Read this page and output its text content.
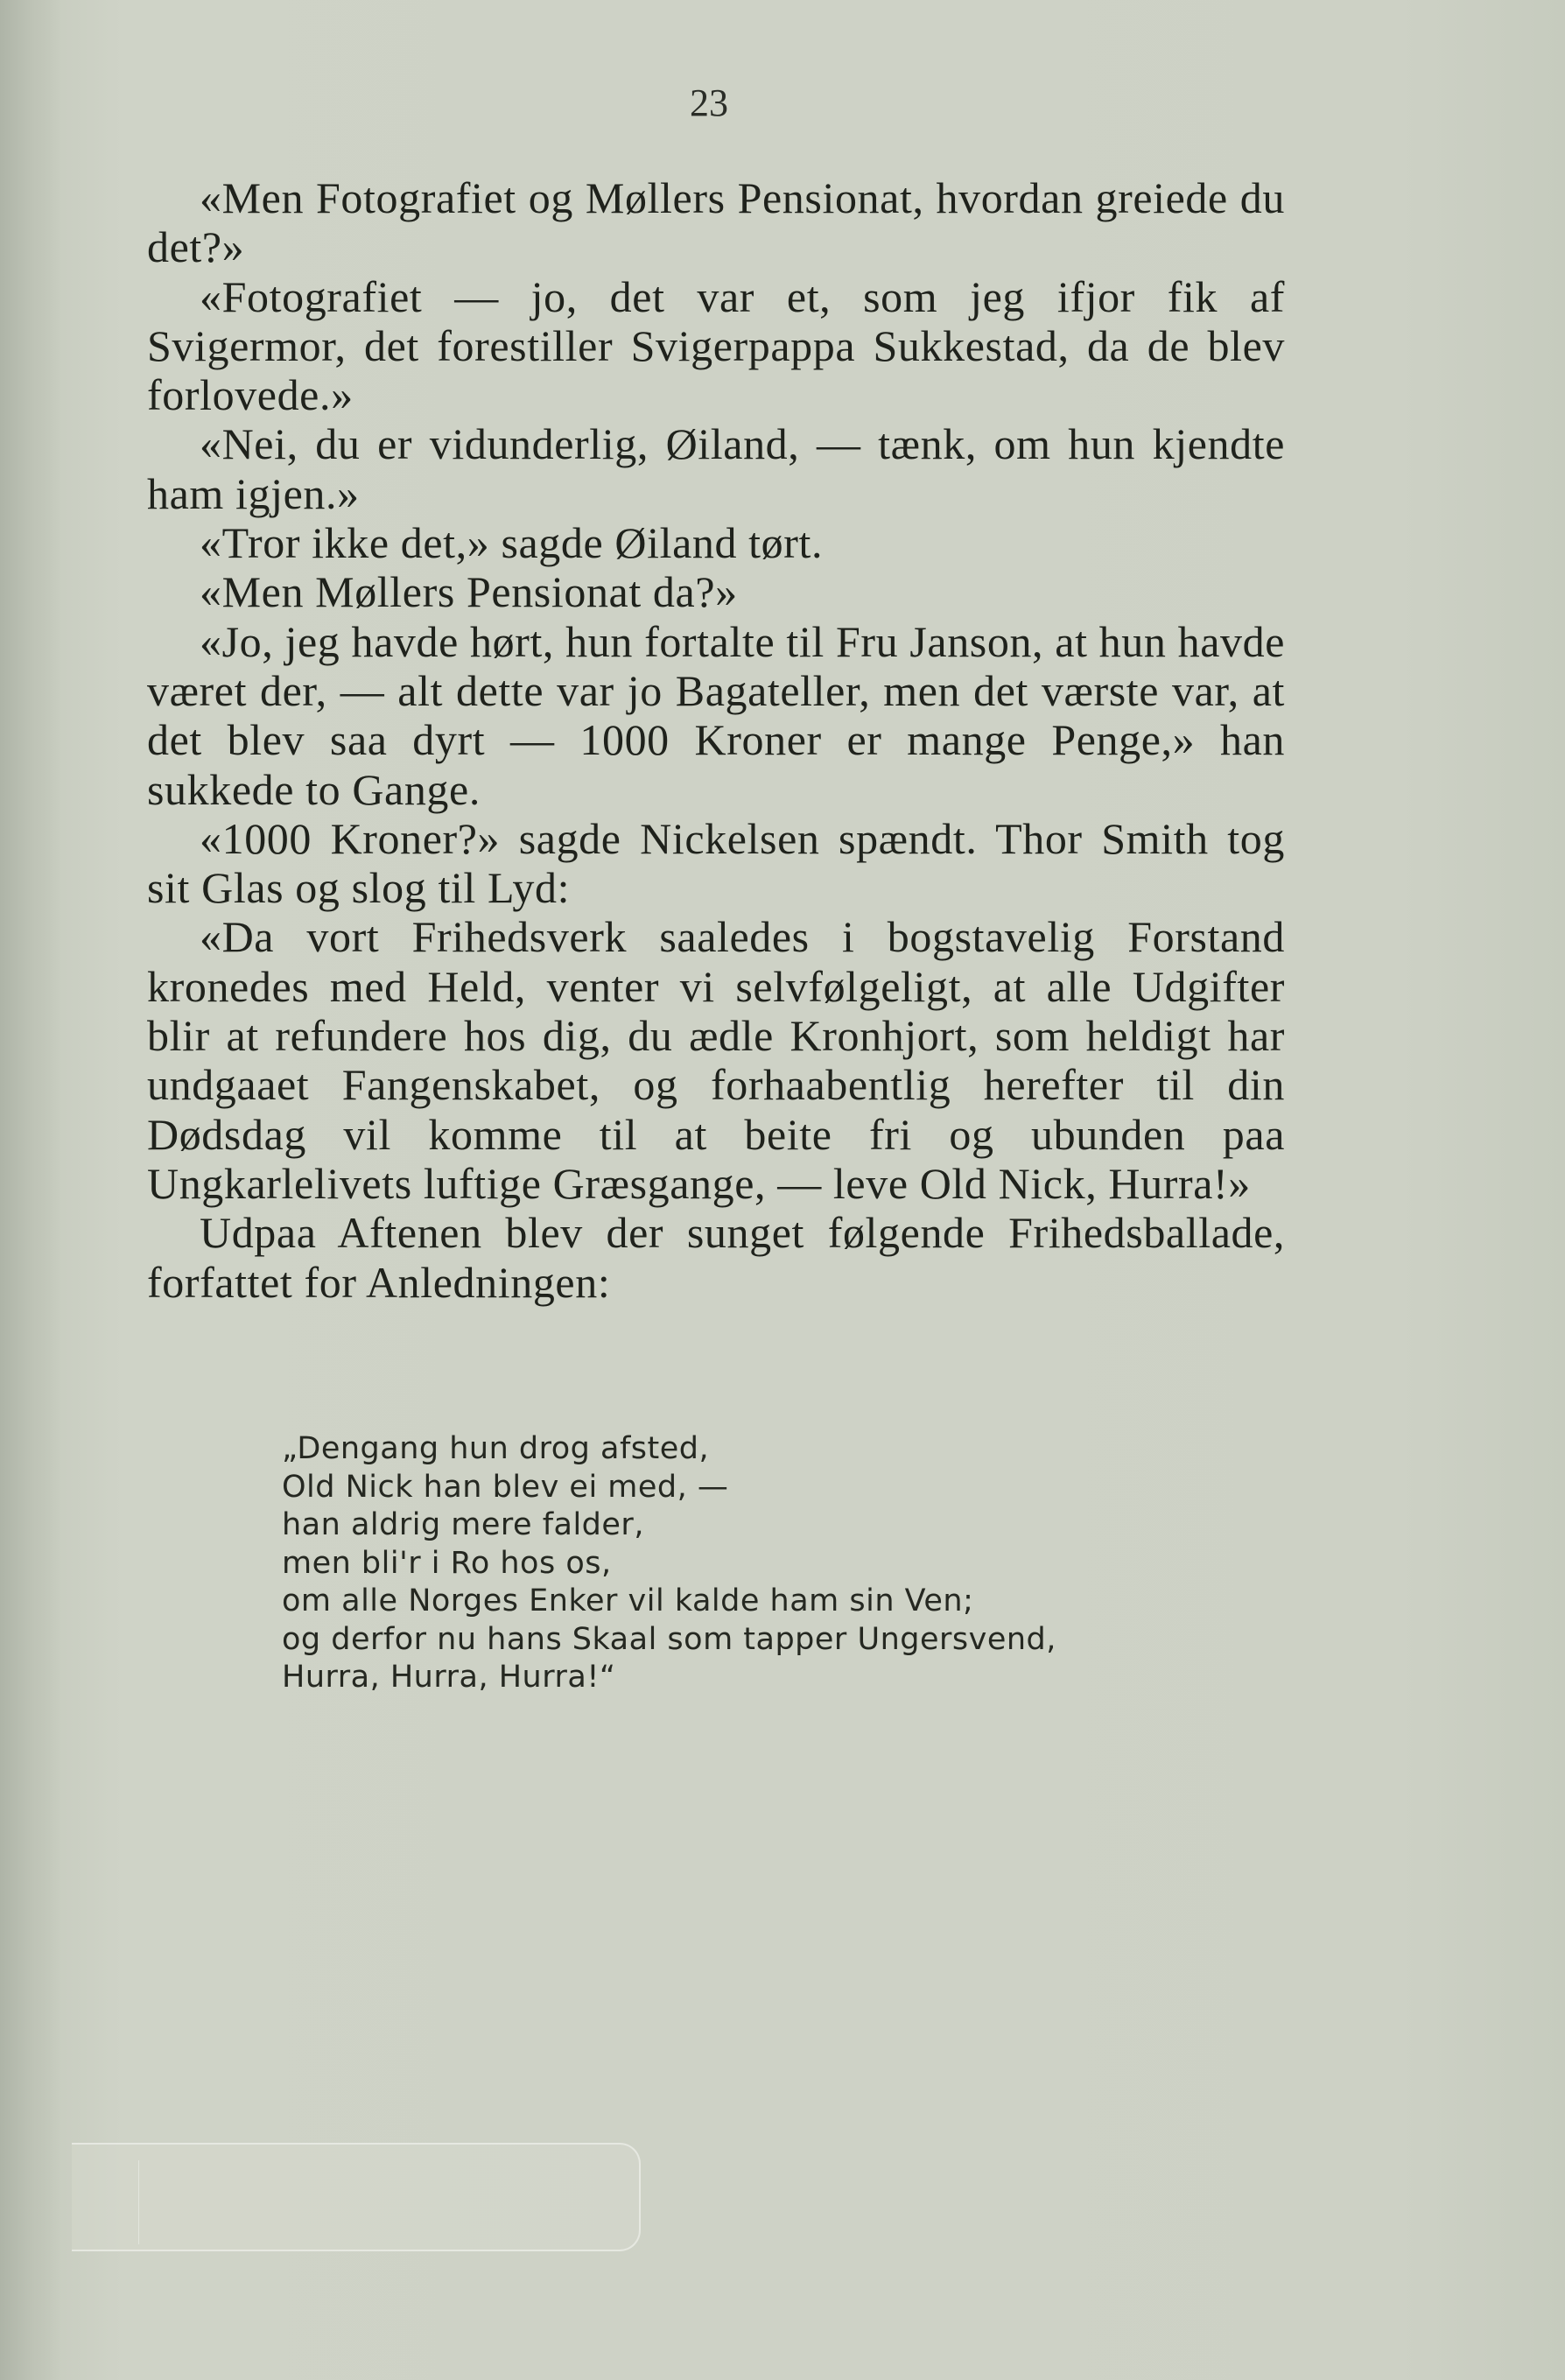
23

«Men Fotografiet og Møllers Pensionat, hvordan greiede du det?»

«Fotografiet — jo, det var et, som jeg ifjor fik af Svigermor, det forestiller Svigerpappa Sukkestad, da de blev forlovede.»

«Nei, du er vidunderlig, Øiland, — tænk, om hun kjendte ham igjen.»

«Tror ikke det,» sagde Øiland tørt.

«Men Møllers Pensionat da?»

«Jo, jeg havde hørt, hun fortalte til Fru Janson, at hun havde været der, — alt dette var jo Bagateller, men det værste var, at det blev saa dyrt — 1000 Kroner er mange Penge,» han sukkede to Gange.

«1000 Kroner?» sagde Nickelsen spændt. Thor Smith tog sit Glas og slog til Lyd:

«Da vort Frihedsverk saaledes i bogstavelig Forstand kronedes med Held, venter vi selvfølgeligt, at alle Udgifter blir at refundere hos dig, du ædle Kronhjort, som heldigt har undgaaet Fangenskabet, og forhaabentlig herefter til din Dødsdag vil komme til at beite fri og ubunden paa Ungkarlelivets luftige Græsgange, — leve Old Nick, Hurra!»

Udpaa Aftenen blev der sunget følgende Frihedsballade, forfattet for Anledningen:

„Dengang hun drog afsted,
Old Nick han blev ei med, —
han aldrig mere falder,
men bli'r i Ro hos os,
om alle Norges Enker vil kalde ham sin Ven;
og derfor nu hans Skaal som tapper Ungersvend,
Hurra, Hurra, Hurra!“
